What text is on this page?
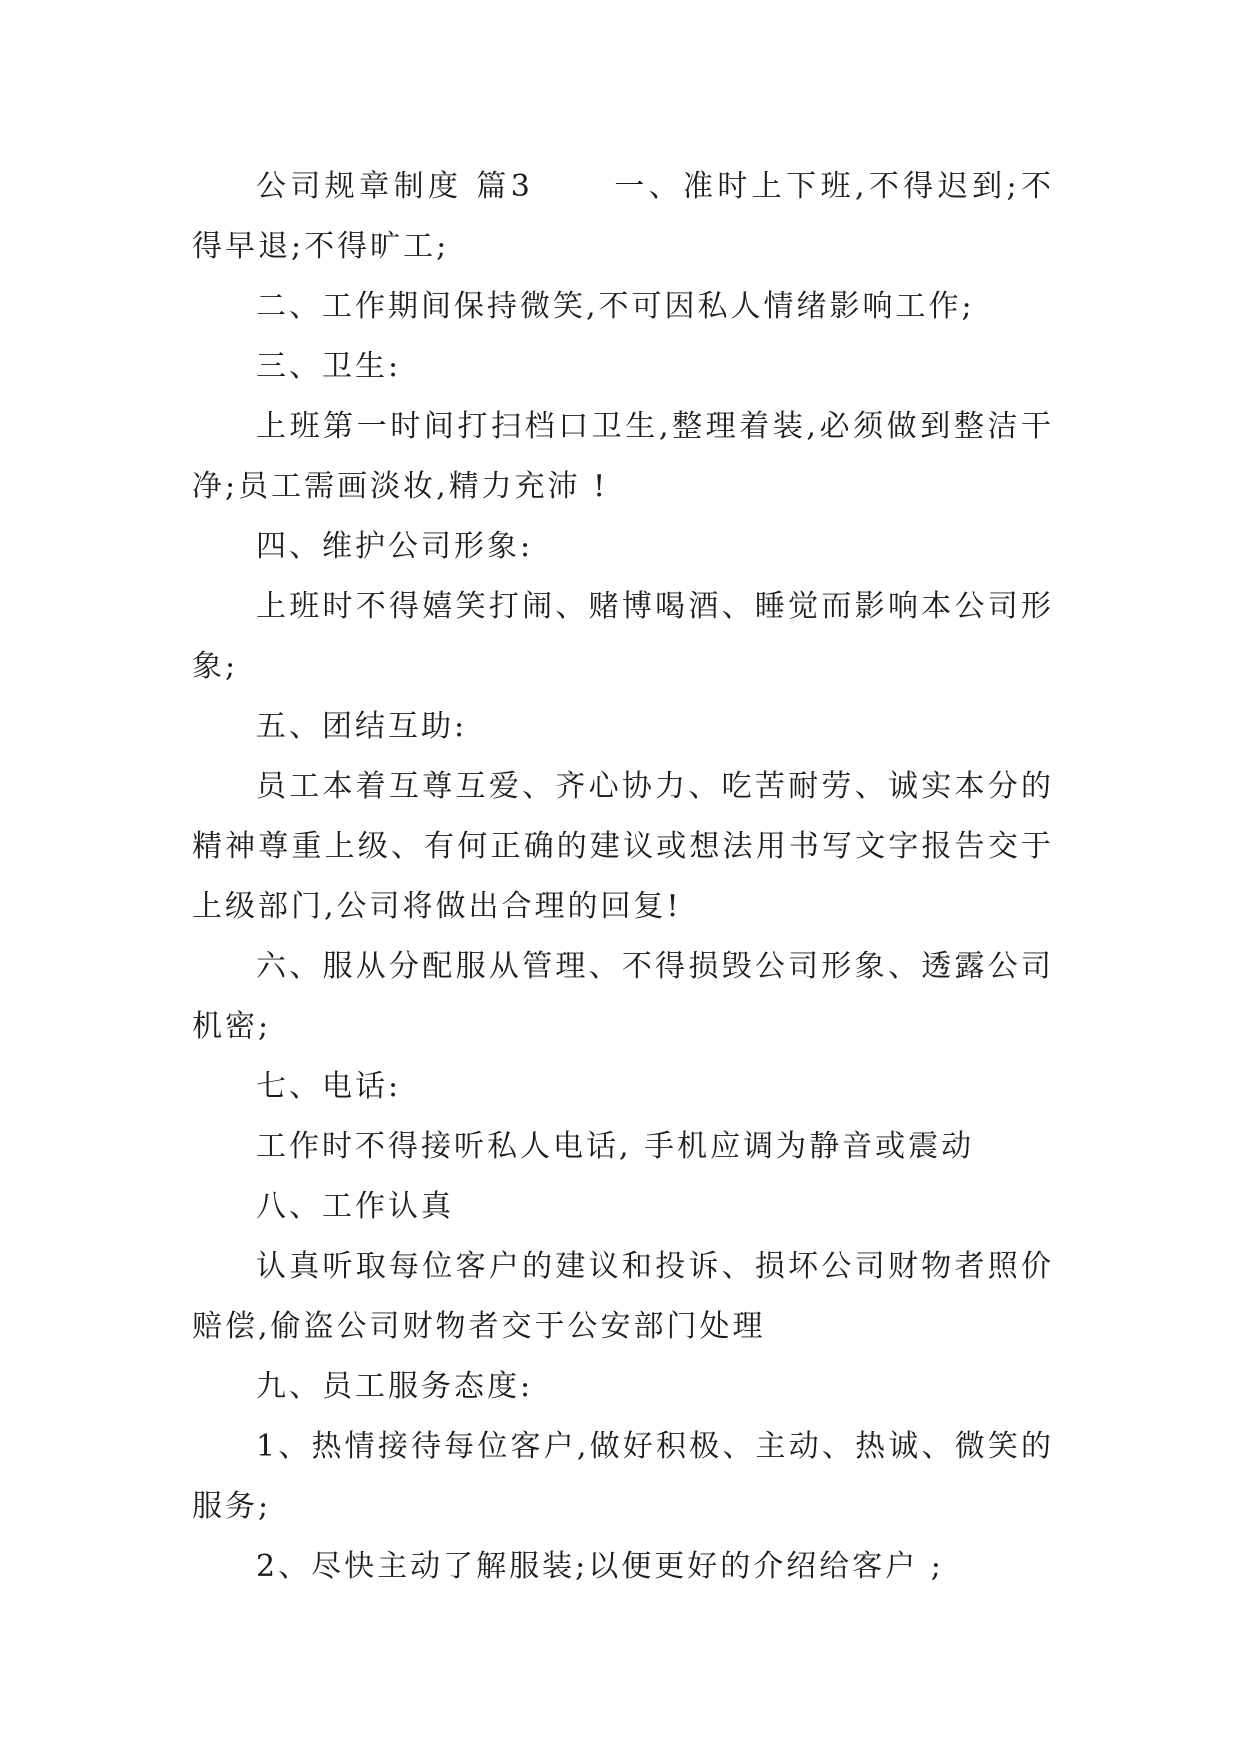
公司规章制度 篇3	一、准时上下班,不得迟到;不得早退;不得旷工;

二、工作期间保持微笑,不可因私人情绪影响工作;

三、卫生:

上班第一时间打扫档口卫生,整理着装,必须做到整洁干净;员工需画淡妆,精力充沛 !

四、维护公司形象:

上班时不得嬉笑打闹、赌博喝酒、睡觉而影响本公司形象;

五、团结互助:

员工本着互尊互爱、齐心协力、吃苦耐劳、诚实本分的精神尊重上级、有何正确的建议或想法用书写文字报告交于上级部门,公司将做出合理的回复!

六、服从分配服从管理、不得损毁公司形象、透露公司机密;

七、电话:

工作时不得接听私人电话, 手机应调为静音或震动

八、工作认真

认真听取每位客户的建议和投诉、损坏公司财物者照价赔偿,偷盗公司财物者交于公安部门处理

九、员工服务态度:

1、热情接待每位客户,做好积极、主动、热诚、微笑的服务;

2、尽快主动了解服装;以便更好的介绍给客户 ;
